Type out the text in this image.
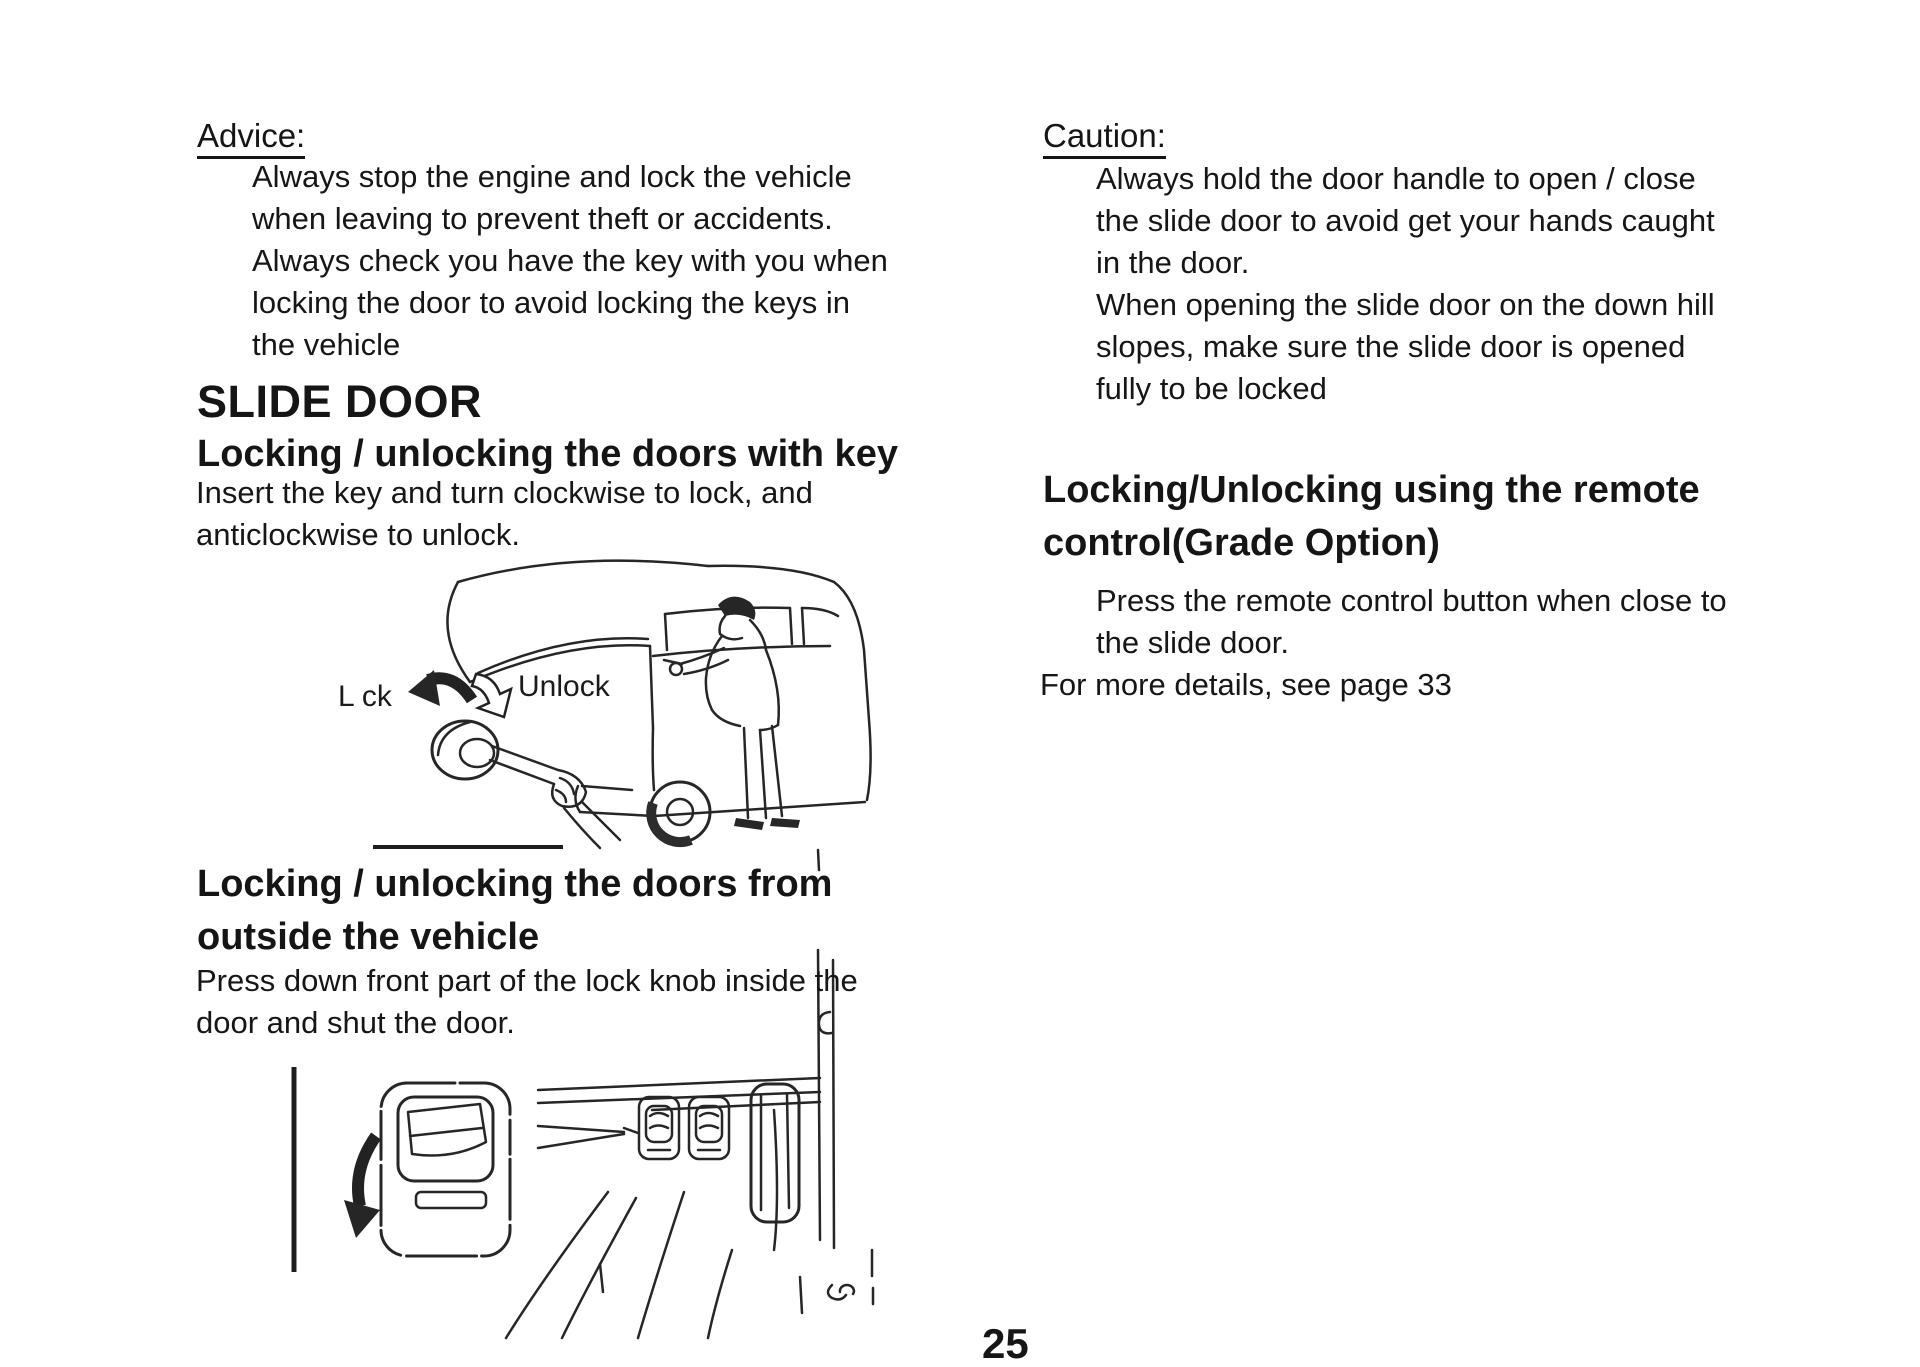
Advice:
Always stop the engine and lock the vehicle
when leaving to prevent theft or accidents.
Always check you have the key with you when
locking the door to avoid locking the keys in
the vehicle
SLIDE DOOR
Locking / unlocking the doors with key
Insert the key and turn clockwise to lock, and
anticlockwise to unlock.
L ck	Unlock
Locking / unlocking the doors from
outside the vehicle
Press down front part of the lock knob inside the
door and shut the door.
Caution:
Always hold the door handle to open / close
the slide door to avoid get your hands caught
in the door.
When opening the slide door on the down hill
slopes, make sure the slide door is opened
fully to be locked
Locking/Unlocking using the remote
control(Grade Option)
Press the remote control button when close to
the slide door.
For more details, see page 33
25
